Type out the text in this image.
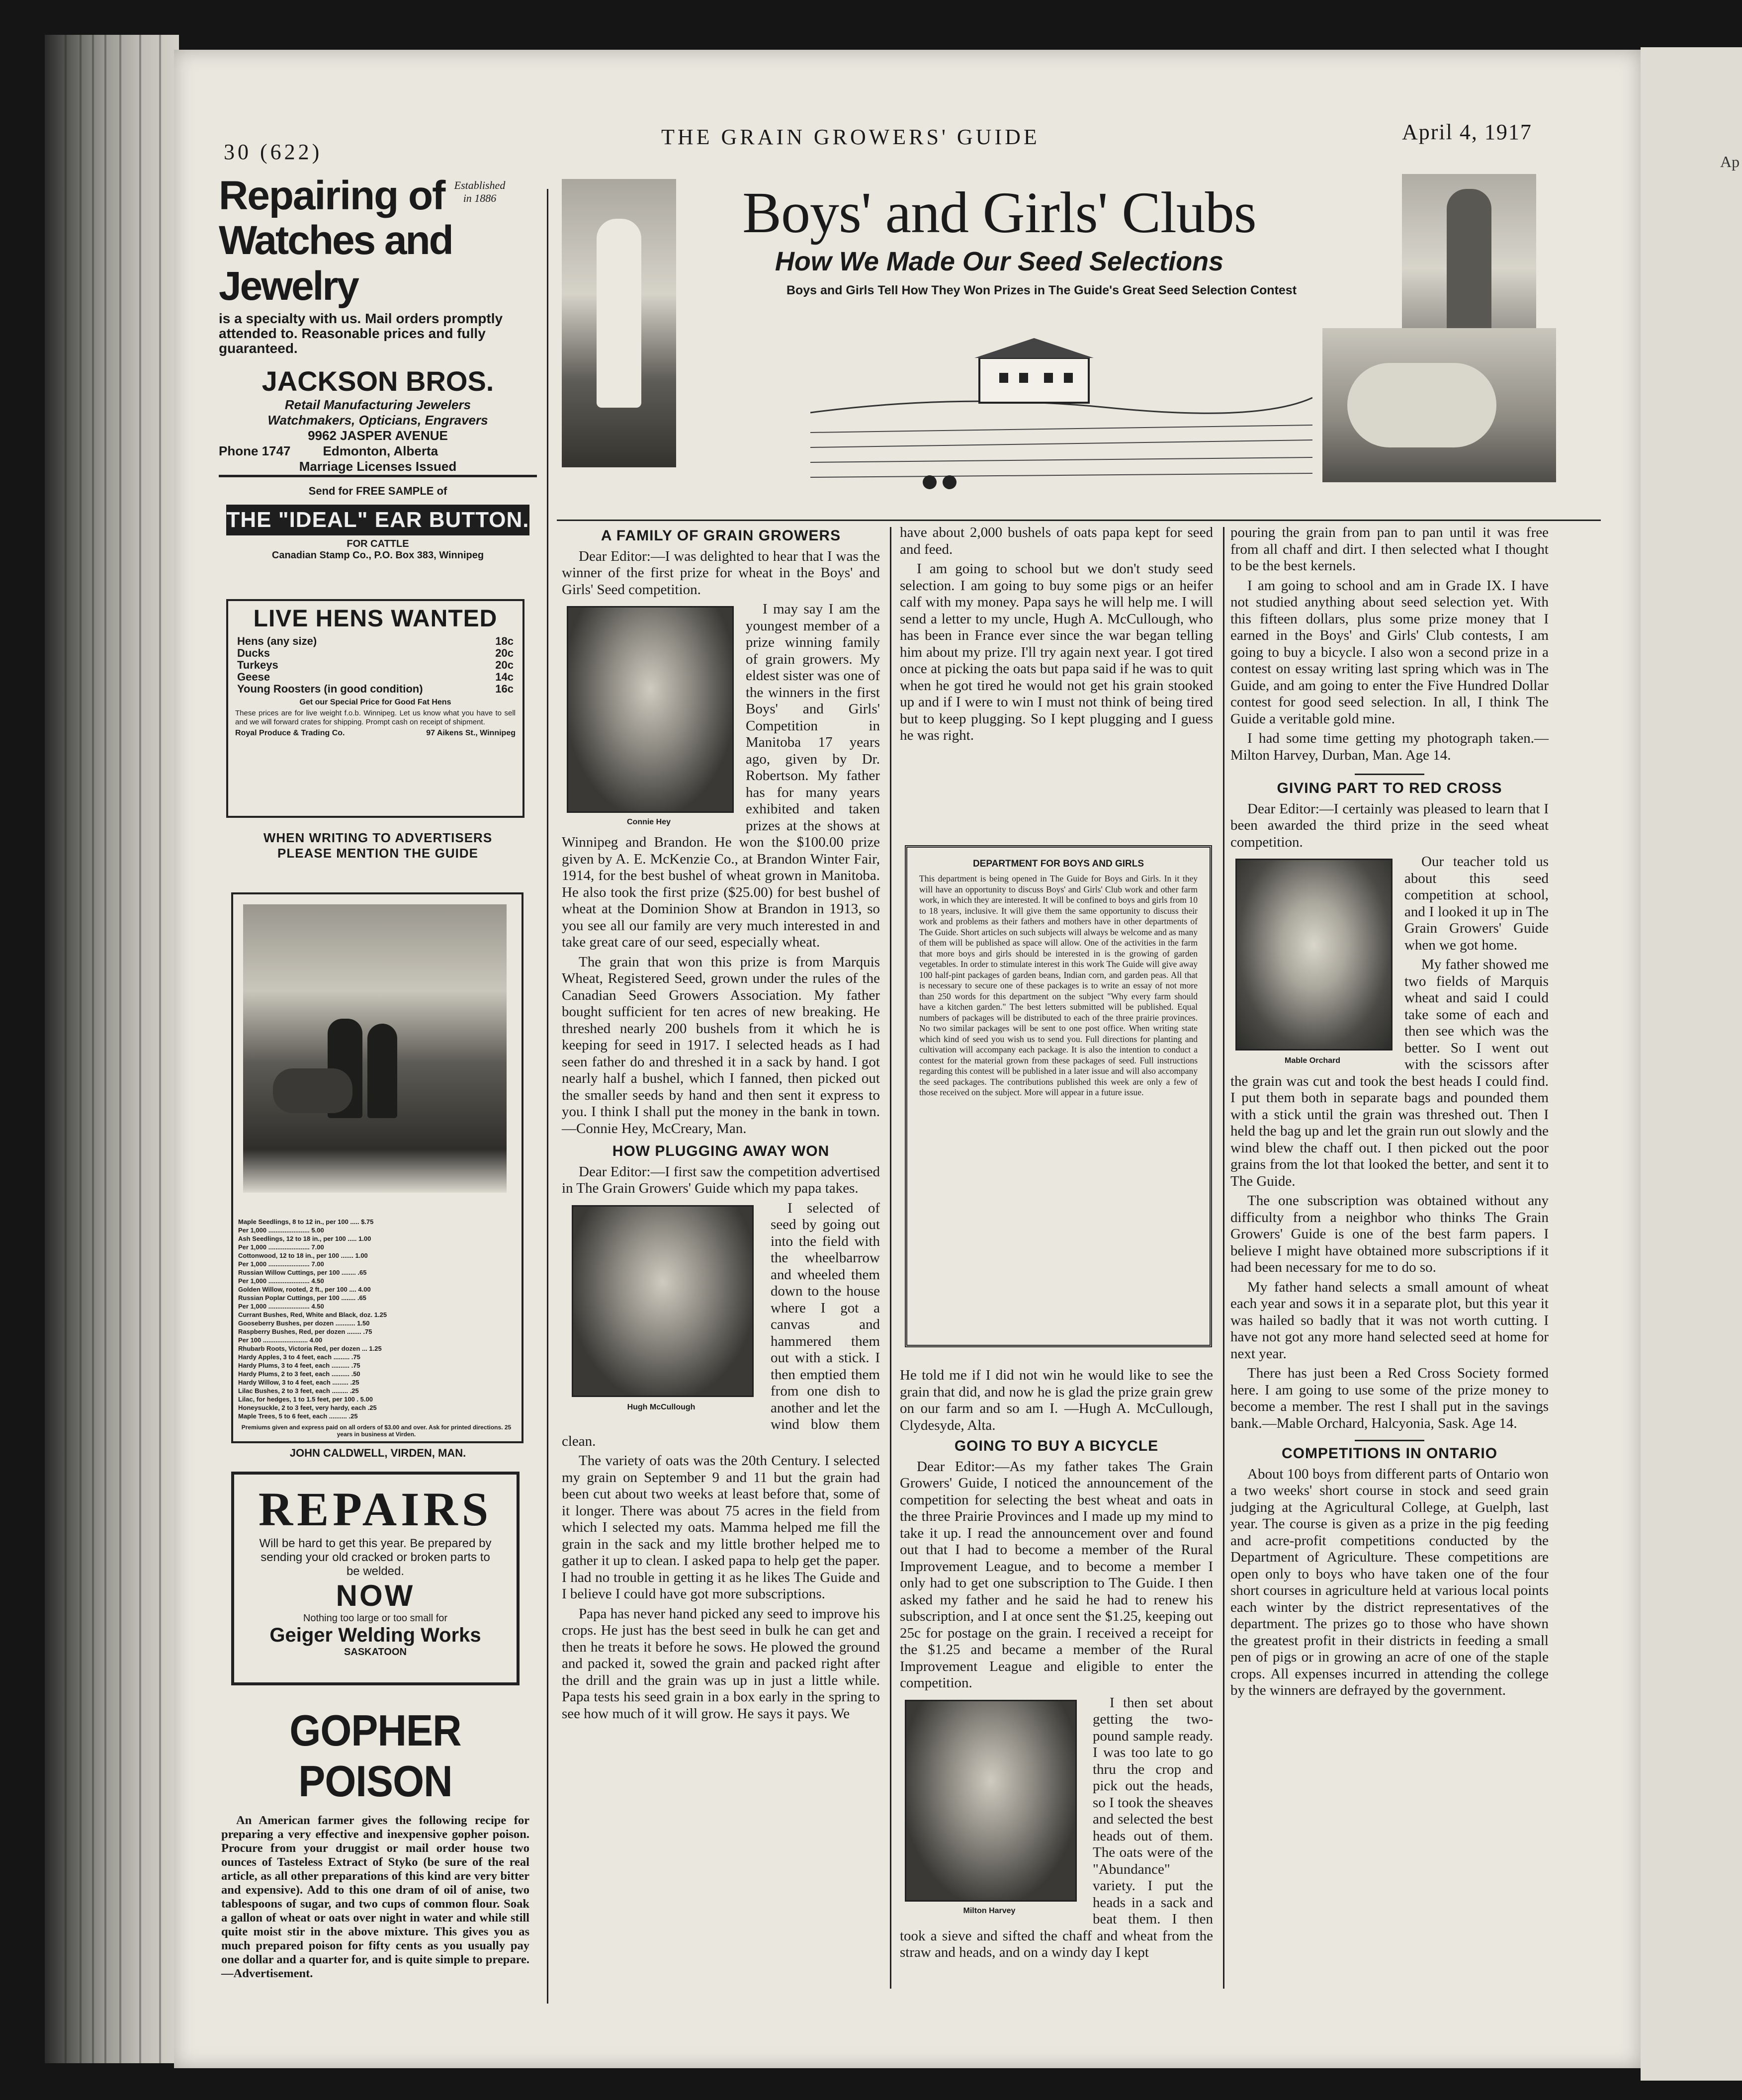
Ap
30 (622)
THE GRAIN GROWERS' GUIDE	April 4, 1917
Repairing of Established in 1886
Watches and Jewelry
is a specialty with us. Mail orders promptly attended to. Reasonable prices and fully guaranteed.
JACKSON BROS.
Retail Manufacturing Jewelers
Watchmakers, Opticians, Engravers
9962 JASPER AVENUE
Phone 1747         Edmonton, Alberta
Marriage Licenses Issued
Send for FREE SAMPLE of
THE "IDEAL" EAR BUTTON.
FOR CATTLE
Canadian Stamp Co., P.O. Box 383, Winnipeg
LIVE HENS WANTED
Hens (any size)	18c
Ducks	20c
Turkeys	20c
Geese	14c
Young Roosters (in good condition)	16c
Get our Special Price for Good Fat Hens
These prices are for live weight f.o.b. Winnipeg. Let us know what you have to sell and we will forward crates for shipping. Prompt cash on receipt of shipment.
Royal Produce & Trading Co.	97 Aikens St., Winnipeg
WHEN WRITING TO ADVERTISERS
PLEASE MENTION THE GUIDE
Maple Seedlings, 8 to 12 in., per 100 ..... $.75
Per 1,000 ....................... 5.00
Ash Seedlings, 12 to 18 in., per 100 ..... 1.00
Per 1,000 ....................... 7.00
Cottonwood, 12 to 18 in., per 100 ....... 1.00
Per 1,000 ....................... 7.00
Russian Willow Cuttings, per 100 ........ .65
Per 1,000 ....................... 4.50
Golden Willow, rooted, 2 ft., per 100 .... 4.00
Russian Poplar Cuttings, per 100 ........ .65
Per 1,000 ....................... 4.50
Currant Bushes, Red, White and Black, doz. 1.25
Gooseberry Bushes, per dozen ........... 1.50
Raspberry Bushes, Red, per dozen ........ .75
Per 100 ......................... 4.00
Rhubarb Roots, Victoria Red, per dozen ... 1.25
Hardy Apples, 3 to 4 feet, each ......... .75
Hardy Plums, 3 to 4 feet, each .......... .75
Hardy Plums, 2 to 3 feet, each .......... .50
Hardy Willow, 3 to 4 feet, each ......... .25
Lilac Bushes, 2 to 3 feet, each ......... .25
Lilac, for hedges, 1 to 1.5 feet, per 100 . 5.00
Honeysuckle, 2 to 3 feet, very hardy, each .25
Maple Trees, 5 to 6 feet, each .......... .25
Premiums given and express paid on all orders of $3.00 and over. Ask for printed directions. 25 years in business at Virden.
JOHN CALDWELL, VIRDEN, MAN.
REPAIRS
Will be hard to get this year. Be prepared by sending your old cracked or broken parts to be welded.
NOW
Nothing too large or too small for
Geiger Welding Works
SASKATOON
GOPHER POISON
An American farmer gives the following recipe for preparing a very effective and inexpensive gopher poison. Procure from your druggist or mail order house two ounces of Tasteless Extract of Styko (be sure of the real article, as all other preparations of this kind are very bitter and expensive). Add to this one dram of oil of anise, two tablespoons of sugar, and two cups of common flour. Soak a gallon of wheat or oats over night in water and while still quite moist stir in the above mixture. This gives you as much prepared poison for fifty cents as you usually pay one dollar and a quarter for, and is quite simple to prepare.—Advertisement.
Boys' and Girls' Clubs
How We Made Our Seed Selections
Boys and Girls Tell How They Won Prizes in The Guide's Great Seed Selection Contest
A FAMILY OF GRAIN GROWERS

Dear Editor:—I was delighted to hear that I was the winner of the first prize for wheat in the Boys' and Girls' Seed competition.

Connie Hey

I may say I am the youngest member of a prize winning family of grain growers. My eldest sister was one of the winners in the first Boys' and Girls' Competition in Manitoba 17 years ago, given by Dr. Robertson. My father has for many years exhibited and taken prizes at the shows at Winnipeg and Brandon. He won the $100.00 prize given by A. E. McKenzie Co., at Brandon Winter Fair, 1914, for the best bushel of wheat grown in Manitoba. He also took the first prize ($25.00) for best bushel of wheat at the Dominion Show at Brandon in 1913, so you see all our family are very much interested in and take great care of our seed, especially wheat.

The grain that won this prize is from Marquis Wheat, Registered Seed, grown under the rules of the Canadian Seed Growers Association. My father bought sufficient for ten acres of new breaking. He threshed nearly 200 bushels from it which he is keeping for seed in 1917. I selected heads as I had seen father do and threshed it in a sack by hand. I got nearly half a bushel, which I fanned, then picked out the smaller seeds by hand and then sent it express to you. I think I shall put the money in the bank in town.—Connie Hey, McCreary, Man.

HOW PLUGGING AWAY WON

Dear Editor:—I first saw the competition advertised in The Grain Growers' Guide which my papa takes.

Hugh McCullough

I selected of seed by going out into the field with the wheelbarrow and wheeled them down to the house where I got a canvas and hammered them out with a stick. I then emptied them from one dish to another and let the wind blow them clean.

The variety of oats was the 20th Century. I selected my grain on September 9 and 11 but the grain had been cut about two weeks at least before that, some of it longer. There was about 75 acres in the field from which I selected my oats. Mamma helped me fill the grain in the sack and my little brother helped me to gather it up to clean. I asked papa to help get the paper. I had no trouble in getting it as he likes The Guide and I believe I could have got more subscriptions.

Papa has never hand picked any seed to improve his crops. He just has the best seed in bulk he can get and then he treats it before he sows. He plowed the ground and packed it, sowed the grain and packed right after the drill and the grain was up in just a little while. Papa tests his seed grain in a box early in the spring to see how much of it will grow. He says it pays. We

have about 2,000 bushels of oats papa kept for seed and feed.

I am going to school but we don't study seed selection. I am going to buy some pigs or an heifer calf with my money. Papa says he will help me. I will send a letter to my uncle, Hugh A. McCullough, who has been in France ever since the war began telling him about my prize. I'll try again next year. I got tired once at picking the oats but papa said if he was to quit when he got tired he would not get his grain stooked up and if I were to win I must not think of being tired but to keep plugging. So I kept plugging and I guess he was right.

DEPARTMENT FOR BOYS AND GIRLS
This department is being opened in The Guide for Boys and Girls. In it they will have an opportunity to discuss Boys' and Girls' Club work and other farm work, in which they are interested. It will be confined to boys and girls from 10 to 18 years, inclusive. It will give them the same opportunity to discuss their work and problems as their fathers and mothers have in other departments of The Guide. Short articles on such subjects will always be welcome and as many of them will be published as space will allow. One of the activities in the farm that more boys and girls should be interested in is the growing of garden vegetables. In order to stimulate interest in this work The Guide will give away 100 half-pint packages of garden beans, Indian corn, and garden peas. All that is necessary to secure one of these packages is to write an essay of not more than 250 words for this department on the subject "Why every farm should have a kitchen garden." The best letters submitted will be published. Equal numbers of packages will be distributed to each of the three prairie provinces. No two similar packages will be sent to one post office. When writing state which kind of seed you wish us to send you. Full directions for planting and cultivation will accompany each package. It is also the intention to conduct a contest for the material grown from these packages of seed. Full instructions regarding this contest will be published in a later issue and will also accompany the seed packages. The contributions published this week are only a few of those received on the subject. More will appear in a future issue.

He told me if I did not win he would like to see the grain that did, and now he is glad the prize grain grew on our farm and so am I. —Hugh A. McCullough, Clydesyde, Alta.

GOING TO BUY A BICYCLE

Dear Editor:—As my father takes The Grain Growers' Guide, I noticed the announcement of the competition for selecting the best wheat and oats in the three Prairie Provinces and I made up my mind to take it up. I read the announcement over and found out that I had to become a member of the Rural Improvement League, and to become a member I only had to get one subscription to The Guide. I then asked my father and he said he had to renew his subscription, and I at once sent the $1.25, keeping out 25c for postage on the grain. I received a receipt for the $1.25 and became a member of the Rural Improvement League and eligible to enter the competition.

Milton Harvey

I then set about getting the two-pound sample ready. I was too late to go thru the crop and pick out the heads, so I took the sheaves and selected the best heads out of them. The oats were of the "Abundance" variety. I put the heads in a sack and beat them. I then took a sieve and sifted the chaff and wheat from the straw and heads, and on a windy day I kept

pouring the grain from pan to pan until it was free from all chaff and dirt. I then selected what I thought to be the best kernels.

I am going to school and am in Grade IX. I have not studied anything about seed selection yet. With this fifteen dollars, plus some prize money that I earned in the Boys' and Girls' Club contests, I am going to buy a bicycle. I also won a second prize in a contest on essay writing last spring which was in The Guide, and am going to enter the Five Hundred Dollar contest for good seed selection. In all, I think The Guide a veritable gold mine.

I had some time getting my photograph taken.—Milton Harvey, Durban, Man. Age 14.

GIVING PART TO RED CROSS

Dear Editor:—I certainly was pleased to learn that I been awarded the third prize in the seed wheat competition.

Mable Orchard

Our teacher told us about this seed competition at school, and I looked it up in The Grain Growers' Guide when we got home.

My father showed me two fields of Marquis wheat and said I could take some of each and then see which was the better. So I went out with the scissors after the grain was cut and took the best heads I could find. I put them both in separate bags and pounded them with a stick until the grain was threshed out. Then I held the bag up and let the grain run out slowly and the wind blew the chaff out. I then picked out the poor grains from the lot that looked the better, and sent it to The Guide.

The one subscription was obtained without any difficulty from a neighbor who thinks The Grain Growers' Guide is one of the best farm papers. I believe I might have obtained more subscriptions if it had been necessary for me to do so.

My father hand selects a small amount of wheat each year and sows it in a separate plot, but this year it was hailed so badly that it was not worth cutting. I have not got any more hand selected seed at home for next year.

There has just been a Red Cross Society formed here. I am going to use some of the prize money to become a member. The rest I shall put in the savings bank.—Mable Orchard, Halcyonia, Sask. Age 14.

COMPETITIONS IN ONTARIO

About 100 boys from different parts of Ontario won a two weeks' short course in stock and seed grain judging at the Agricultural College, at Guelph, last year. The course is given as a prize in the pig feeding and acre-profit competitions conducted by the Department of Agriculture. These competitions are open only to boys who have taken one of the four short courses in agriculture held at various local points each winter by the district representatives of the department. The prizes go to those who have shown the greatest profit in their districts in feeding a small pen of pigs or in growing an acre of one of the staple crops. All expenses incurred in attending the college by the winners are defrayed by the government.
